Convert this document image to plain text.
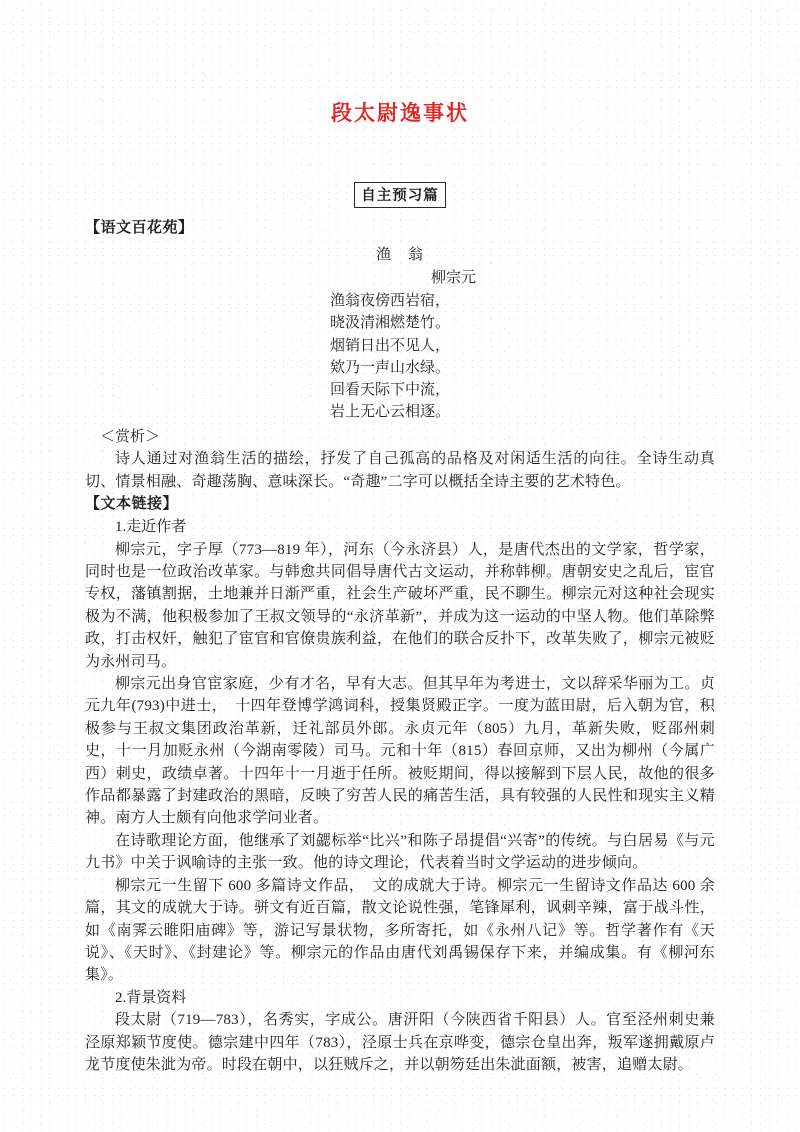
段太尉逸事状
自主预习篇
【语文百花苑】

渔　翁

柳宗元

渔翁夜傍西岩宿，

晓汲清湘燃楚竹。

烟销日出不见人，

欸乃一声山水绿。

回看天际下中流，

岩上无心云相逐。

＜赏析＞

诗人通过对渔翁生活的描绘，抒发了自己孤高的品格及对闲适生活的向往。全诗生动真切、情景相融、奇趣荡胸、意味深长。“奇趣”二字可以概括全诗主要的艺术特色。

【文本链接】

1.走近作者

柳宗元，字子厚（773—819 年），河东（今永济县）人，是唐代杰出的文学家，哲学家，同时也是一位政治改革家。与韩愈共同倡导唐代古文运动，并称韩柳。唐朝安史之乱后，宦官专权，藩镇割据，土地兼并日渐严重，社会生产破坏严重，民不聊生。柳宗元对这种社会现实极为不满，他积极参加了王叔文领导的“永济革新”，并成为这一运动的中坚人物。他们革除弊政，打击权奸，触犯了宦官和官僚贵族利益，在他们的联合反扑下，改革失败了，柳宗元被贬为永州司马。

柳宗元出身官宦家庭，少有才名，早有大志。但其早年为考进士，文以辞采华丽为工。贞元九年(793)中进士，　十四年登博学鸿词科，授集贤殿正字。一度为蓝田尉，后入朝为官，积极参与王叔文集团政治革新，迁礼部员外郎。永贞元年（805）九月，革新失败，贬邵州刺史，十一月加贬永州（今湖南零陵）司马。元和十年（815）春回京师，又出为柳州（今属广西）刺史，政绩卓著。十四年十一月逝于任所。被贬期间，得以接解到下层人民，故他的很多作品都暴露了封建政治的黑暗，反映了穷苦人民的痛苦生活，具有较强的人民性和现实主义精神。南方人士颇有向他求学问业者。

在诗歌理论方面，他继承了刘勰标举“比兴”和陈子昂提倡“兴寄”的传统。与白居易《与元九书》中关于讽喻诗的主张一致。他的诗文理论，代表着当时文学运动的进步倾向。

柳宗元一生留下 600 多篇诗文作品，　文的成就大于诗。柳宗元一生留诗文作品达 600 余篇，其文的成就大于诗。骈文有近百篇，散文论说性强，笔锋犀利，讽刺辛辣，富于战斗性，如《南霁云睢阳庙碑》等，游记写景状物，多所寄托，如《永州八记》等。哲学著作有《天说》、《天时》、《封建论》等。柳宗元的作品由唐代刘禹锡保存下来，并编成集。有《柳河东集》。

2.背景资料

段太尉（719—783），名秀实，字成公。唐汧阳（今陕西省千阳县）人。官至泾州刺史兼泾原郑颖节度使。德宗建中四年（783），泾原士兵在京哗变，德宗仓皇出奔，叛军遂拥戴原卢龙节度使朱泚为帝。时段在朝中，以狂贼斥之，并以朝笏廷出朱泚面额，被害，追赠太尉。
